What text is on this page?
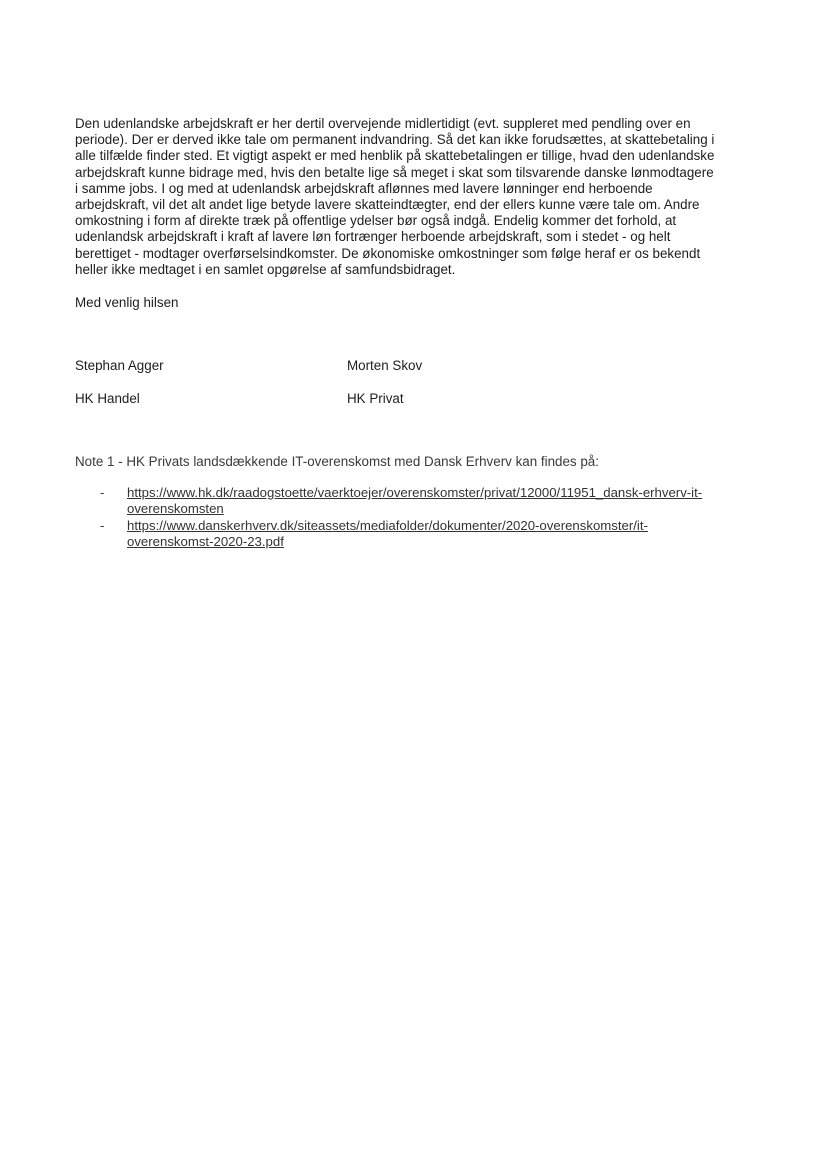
Den udenlandske arbejdskraft er her dertil overvejende midlertidigt (evt. suppleret med pendling over en
periode). Der er derved ikke tale om permanent indvandring. Så det kan ikke forudsættes, at skattebetaling i
alle tilfælde finder sted. Et vigtigt aspekt er med henblik på skattebetalingen er tillige, hvad den udenlandske
arbejdskraft kunne bidrage med, hvis den betalte lige så meget i skat som tilsvarende danske lønmodtagere
i samme jobs. I og med at udenlandsk arbejdskraft aflønnes med lavere lønninger end herboende
arbejdskraft, vil det alt andet lige betyde lavere skatteindtægter, end der ellers kunne være tale om. Andre
omkostning i form af direkte træk på offentlige ydelser bør også indgå. Endelig kommer det forhold, at
udenlandsk arbejdskraft i kraft af lavere løn fortrænger herboende arbejdskraft, som i stedet - og helt
berettiget - modtager overførselsindkomster. De økonomiske omkostninger som følge heraf er os bekendt
heller ikke medtaget i en samlet opgørelse af samfundsbidraget.

Med venlig hilsen

Stephan Agger

HK Handel

Morten Skov

HK Privat

Note 1 - HK Privats landsdækkende IT-overenskomst med Dansk Erhverv kan findes på:

- https://www.hk.dk/raadogstoette/vaerktoejer/overenskomster/privat/12000/11951_dansk-erhverv-it-
overenskomsten
- https://www.danskerhverv.dk/siteassets/mediafolder/dokumenter/2020-overenskomster/it-
overenskomst-2020-23.pdf
